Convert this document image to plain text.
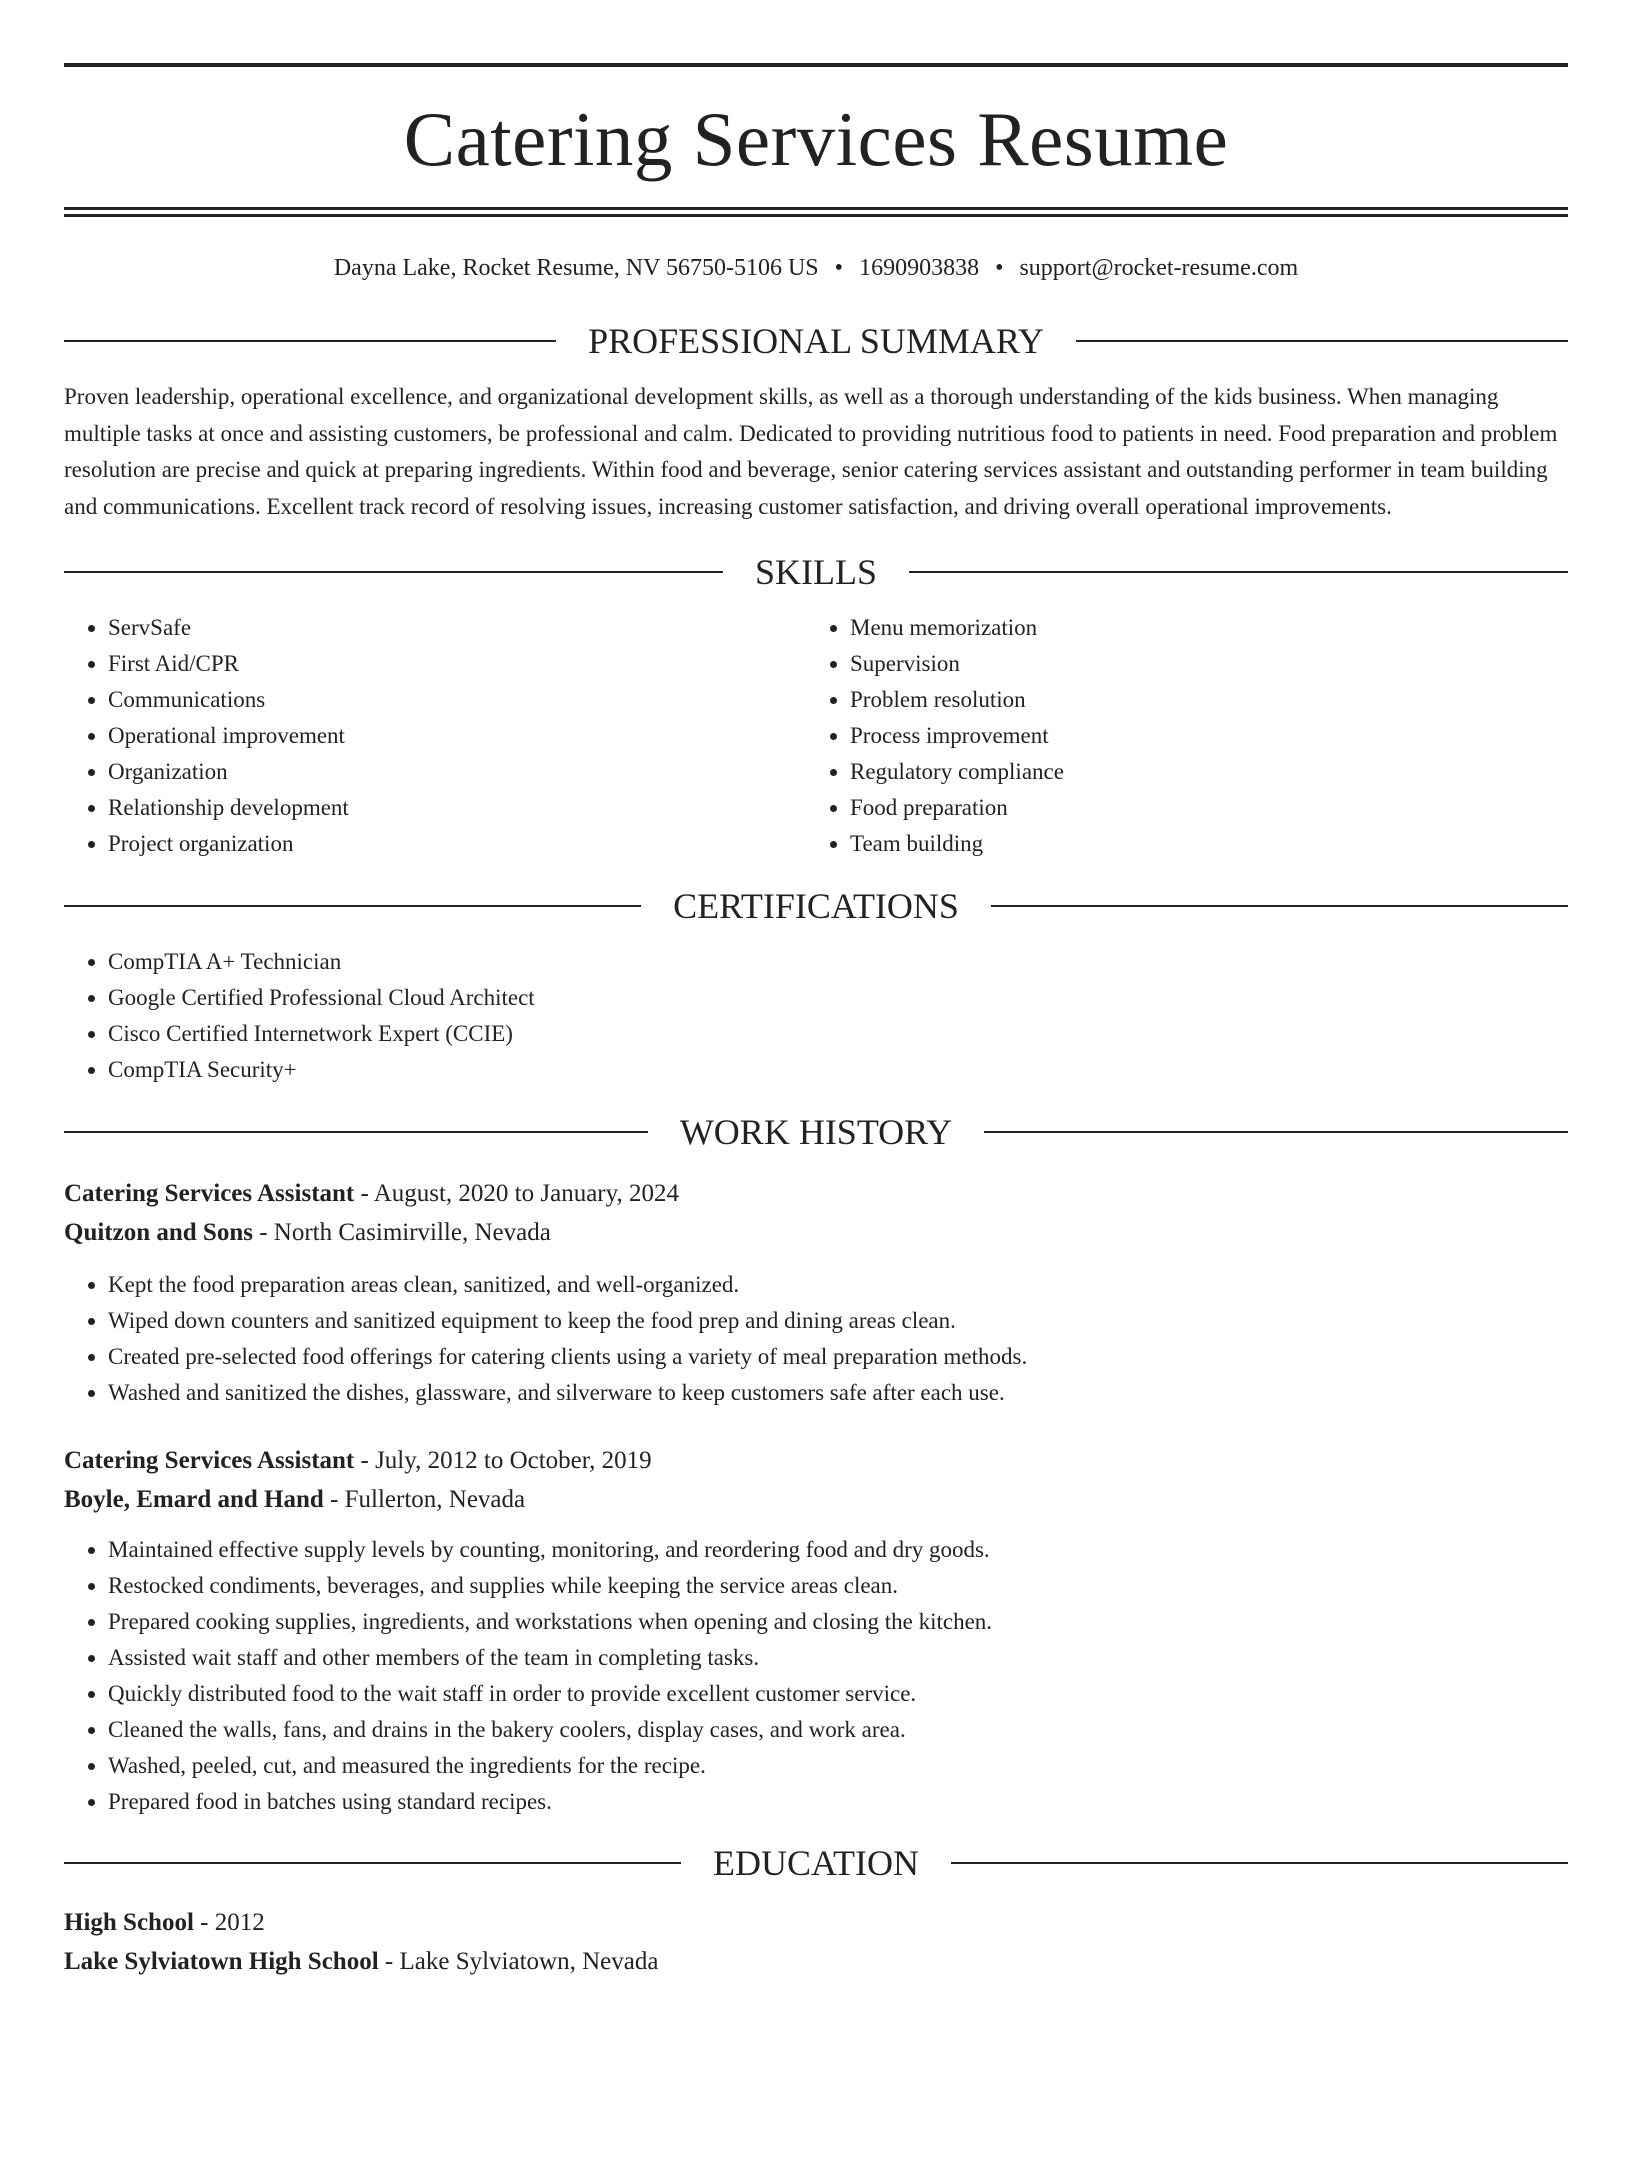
Catering Services Resume
Dayna Lake, Rocket Resume, NV 56750-5106 US • 1690903838 • support@rocket-resume.com
PROFESSIONAL SUMMARY

Proven leadership, operational excellence, and organizational development skills, as well as a thorough understanding of the kids business. When managing multiple tasks at once and assisting customers, be professional and calm. Dedicated to providing nutritious food to patients in need. Food preparation and problem resolution are precise and quick at preparing ingredients. Within food and beverage, senior catering services assistant and outstanding performer in team building and communications. Excellent track record of resolving issues, increasing customer satisfaction, and driving overall operational improvements.

SKILLS
• ServSafe
• First Aid/CPR
• Communications
• Operational improvement
• Organization
• Relationship development
• Project organization
• Menu memorization
• Supervision
• Problem resolution
• Process improvement
• Regulatory compliance
• Food preparation
• Team building
CERTIFICATIONS
• CompTIA A+ Technician
• Google Certified Professional Cloud Architect
• Cisco Certified Internetwork Expert (CCIE)
• CompTIA Security+
WORK HISTORY

Catering Services Assistant - August, 2020 to January, 2024

Quitzon and Sons - North Casimirville, Nevada

• Kept the food preparation areas clean, sanitized, and well-organized.
• Wiped down counters and sanitized equipment to keep the food prep and dining areas clean.
• Created pre-selected food offerings for catering clients using a variety of meal preparation methods.
• Washed and sanitized the dishes, glassware, and silverware to keep customers safe after each use.

Catering Services Assistant - July, 2012 to October, 2019

Boyle, Emard and Hand - Fullerton, Nevada

• Maintained effective supply levels by counting, monitoring, and reordering food and dry goods.
• Restocked condiments, beverages, and supplies while keeping the service areas clean.
• Prepared cooking supplies, ingredients, and workstations when opening and closing the kitchen.
• Assisted wait staff and other members of the team in completing tasks.
• Quickly distributed food to the wait staff in order to provide excellent customer service.
• Cleaned the walls, fans, and drains in the bakery coolers, display cases, and work area.
• Washed, peeled, cut, and measured the ingredients for the recipe.
• Prepared food in batches using standard recipes.
EDUCATION

High School - 2012

Lake Sylviatown High School - Lake Sylviatown, Nevada
